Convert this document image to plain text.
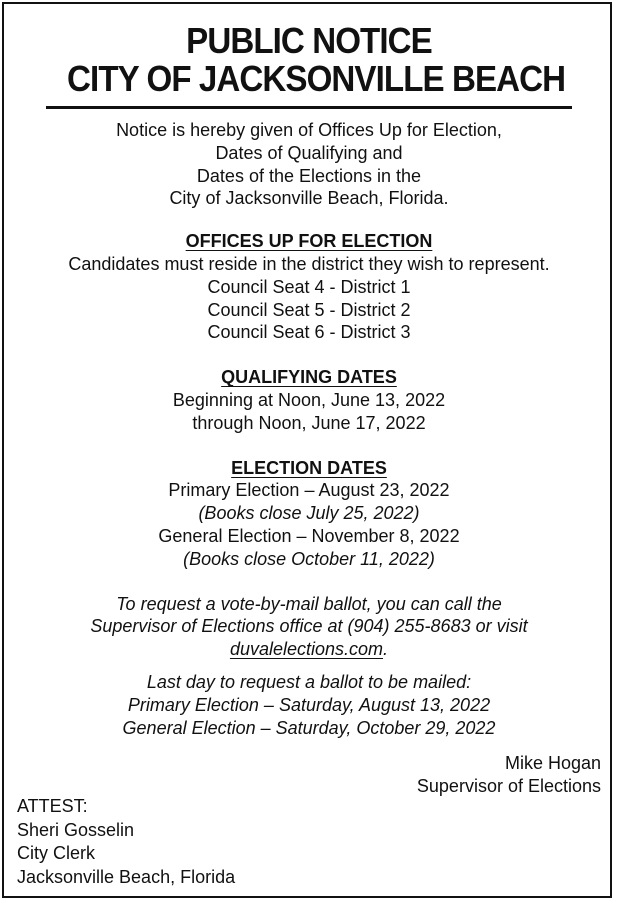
PUBLIC NOTICE
CITY OF JACKSONVILLE BEACH
Notice is hereby given of Offices Up for Election,
Dates of Qualifying and
Dates of the Elections in the
City of Jacksonville Beach, Florida.
OFFICES UP FOR ELECTION
Candidates must reside in the district they wish to represent.
Council Seat 4 - District 1
Council Seat 5 - District 2
Council Seat 6 - District 3
QUALIFYING DATES
Beginning at Noon, June 13, 2022
through Noon, June 17, 2022
ELECTION DATES
Primary Election – August 23, 2022
(Books close July 25, 2022)
General Election – November 8, 2022
(Books close October 11, 2022)
To request a vote-by-mail ballot, you can call the
Supervisor of Elections office at (904) 255-8683 or visit
duvalelections.com.
Last day to request a ballot to be mailed:
Primary Election – Saturday, August 13, 2022
General Election – Saturday, October 29, 2022
Mike Hogan
Supervisor of Elections
ATTEST:
Sheri Gosselin
City Clerk
Jacksonville Beach, Florida
